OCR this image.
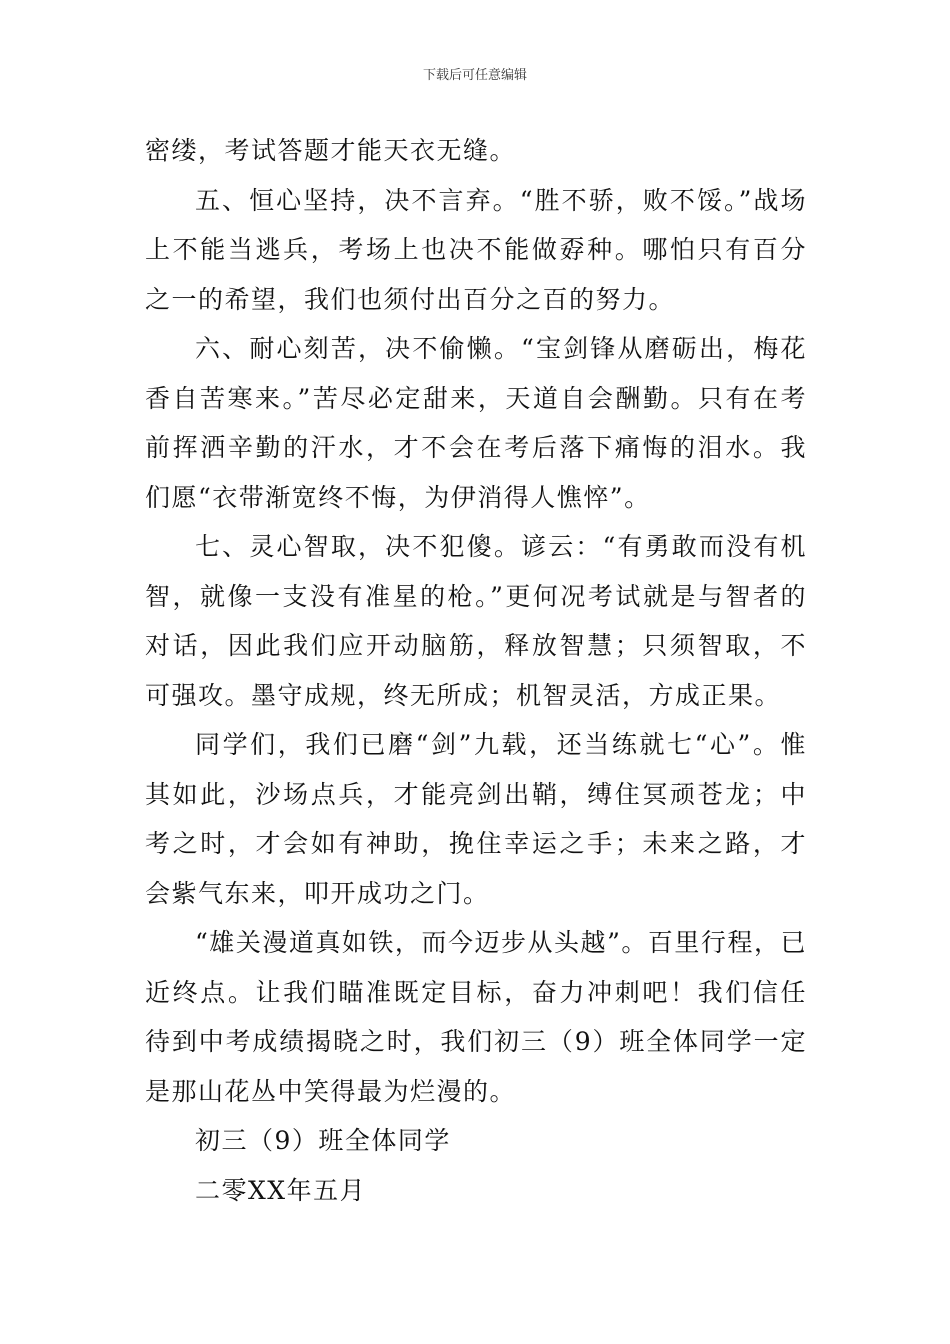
下载后可任意编辑

密缕，考试答题才能天衣无缝。

五、恒心坚持，决不言弃。“胜不骄，败不馁。”战场上不能当逃兵，考场上也决不能做孬种。哪怕只有百分之一的希望，我们也须付出百分之百的努力。

六、耐心刻苦，决不偷懒。“宝剑锋从磨砺出，梅花香自苦寒来。”苦尽必定甜来，天道自会酬勤。只有在考前挥洒辛勤的汗水，才不会在考后落下痛悔的泪水。我们愿“衣带渐宽终不悔，为伊消得人憔悴”。

七、灵心智取，决不犯傻。谚云：“有勇敢而没有机智，就像一支没有准星的枪。”更何况考试就是与智者的对话，因此我们应开动脑筋，释放智慧；只须智取，不可强攻。墨守成规，终无所成；机智灵活，方成正果。

同学们，我们已磨“剑”九载，还当练就七“心”。惟其如此，沙场点兵，才能亮剑出鞘，缚住冥顽苍龙；中考之时，才会如有神助，挽住幸运之手；未来之路，才会紫气东来，叩开成功之门。

“雄关漫道真如铁，而今迈步从头越”。百里行程，已近终点。让我们瞄准既定目标，奋力冲刺吧！我们信任待到中考成绩揭晓之时，我们初三（9）班全体同学一定是那山花丛中笑得最为烂漫的。

初三（9）班全体同学

二零XX年五月
